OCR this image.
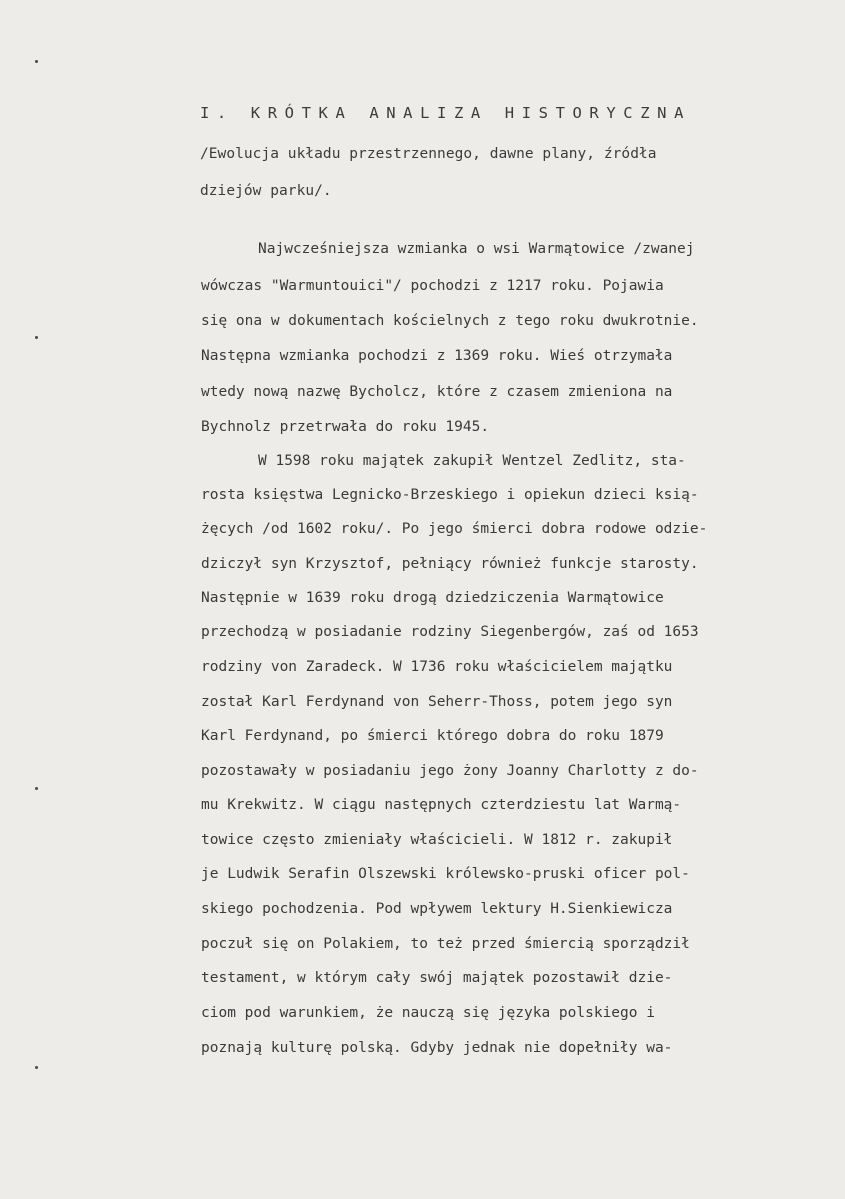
I. KRÓTKA ANALIZA HISTORYCZNA
/Ewolucja układu przestrzennego, dawne plany, źródła
dziejów parku/.
Najwcześniejsza wzmianka o wsi Warmątowice /zwanej
wówczas "Warmuntouici"/ pochodzi z 1217 roku. Pojawia
się ona w dokumentach kościelnych z tego roku dwukrotnie.
Następna wzmianka pochodzi z 1369 roku. Wieś otrzymała
wtedy nową nazwę Bycholcz, które z czasem zmieniona na
Bychnolz przetrwała do roku 1945.
W 1598 roku majątek zakupił Wentzel Zedlitz, sta-
rosta księstwa Legnicko-Brzeskiego i opiekun dzieci ksią-
żęcych /od 1602 roku/. Po jego śmierci dobra rodowe odzie-
dziczył syn Krzysztof, pełniący również funkcje starosty.
Następnie w 1639 roku drogą dziedziczenia Warmątowice
przechodzą w posiadanie rodziny Siegenbergów, zaś od 1653
rodziny von Zaradeck. W 1736 roku właścicielem majątku
został Karl Ferdynand von Seherr-Thoss, potem jego syn
Karl Ferdynand, po śmierci którego dobra do roku 1879
pozostawały w posiadaniu jego żony Joanny Charlotty z do-
mu Krekwitz. W ciągu następnych czterdziestu lat Warmą-
towice często zmieniały właścicieli. W 1812 r. zakupił
je Ludwik Serafin Olszewski królewsko-pruski oficer pol-
skiego pochodzenia. Pod wpływem lektury H.Sienkiewicza
poczuł się on Polakiem, to też przed śmiercią sporządził
testament, w którym cały swój majątek pozostawił dzie-
ciom pod warunkiem, że nauczą się języka polskiego i
poznają kulturę polską. Gdyby jednak nie dopełniły wa-
